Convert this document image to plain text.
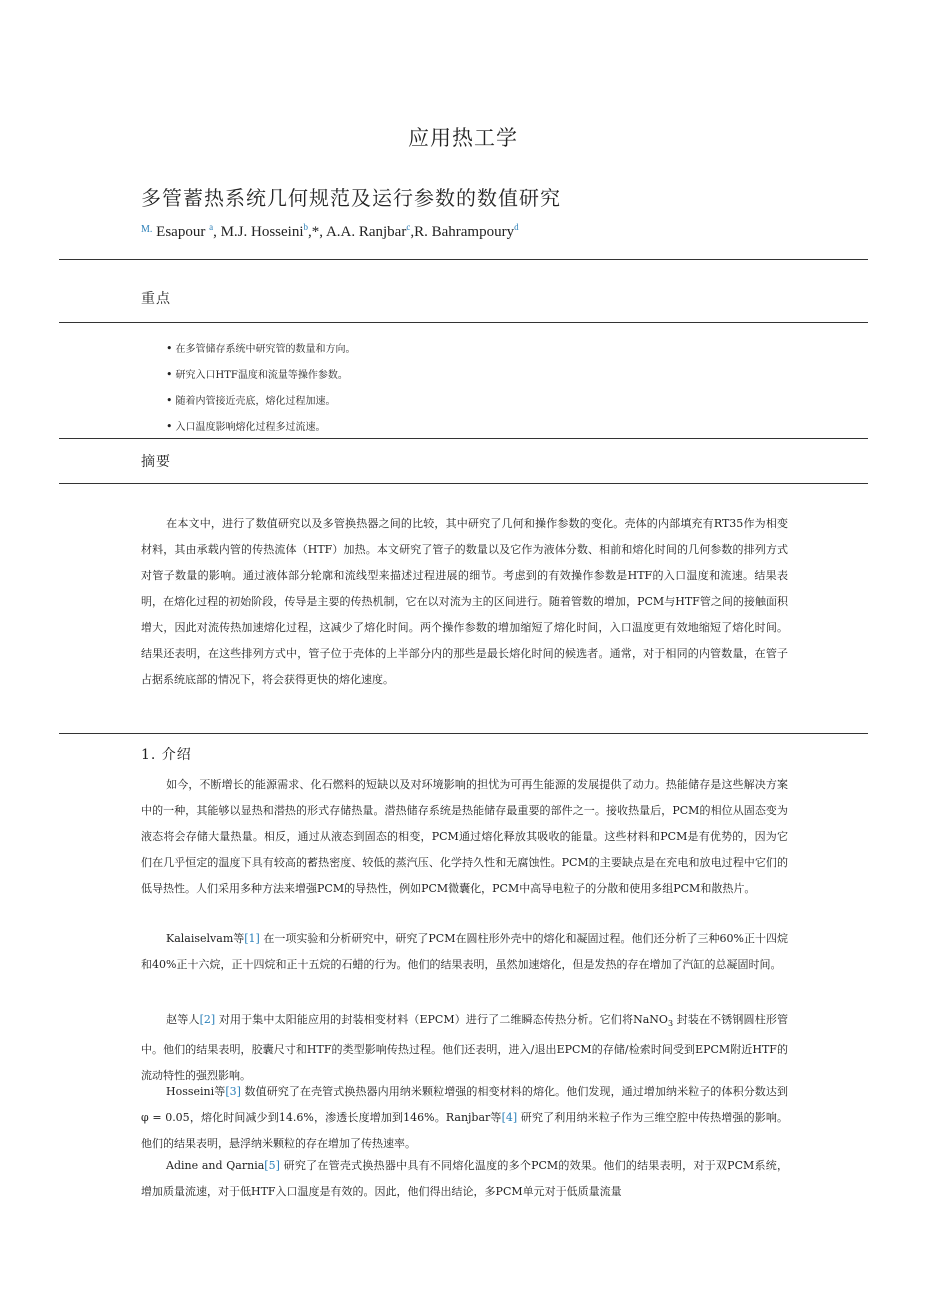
应用热工学
多管蓄热系统几何规范及运行参数的数值研究
$^{M.}$ Esapour $^a$, M.J. Hosseini$^b$,*, A.A. Ranjbar$^c$,R. Bahrampoury$^d$
重点
• 在多管储存系统中研究管的数量和方向。
• 研究入口HTF温度和流量等操作参数。
• 随着内管接近壳底，熔化过程加速。
• 入口温度影响熔化过程多过流速。
摘要

在本文中，进行了数值研究以及多管换热器之间的比较，其中研究了几何和操作参数的变化。壳体的内部填充有RT35作为相变材料，其由承载内管的传热流体（HTF）加热。本文研究了管子的数量以及它作为液体分数、相前和熔化时间的几何参数的排列方式对管子数量的影响。通过液体部分轮廓和流线型来描述过程进展的细节。考虑到的有效操作参数是HTF的入口温度和流速。结果表明，在熔化过程的初始阶段，传导是主要的传热机制，它在以对流为主的区间进行。随着管数的增加，PCM与HTF管之间的接触面积增大，因此对流传热加速熔化过程，这减少了熔化时间。两个操作参数的增加缩短了熔化时间，入口温度更有效地缩短了熔化时间。结果还表明，在这些排列方式中，管子位于壳体的上半部分内的那些是最长熔化时间的候选者。通常，对于相同的内管数量，在管子占据系统底部的情况下，将会获得更快的熔化速度。

1. 介绍

如今，不断增长的能源需求、化石燃料的短缺以及对环境影响的担忧为可再生能源的发展提供了动力。热能储存是这些解决方案中的一种，其能够以显热和潜热的形式存储热量。潜热储存系统是热能储存最重要的部件之一。接收热量后，PCM的相位从固态变为液态将会存储大量热量。相反，通过从液态到固态的相变，PCM通过熔化释放其吸收的能量。这些材料和PCM是有优势的，因为它们在几乎恒定的温度下具有较高的蓄热密度、较低的蒸汽压、化学持久性和无腐蚀性。PCM的主要缺点是在充电和放电过程中它们的低导热性。人们采用多种方法来增强PCM的导热性，例如PCM微囊化，PCM中高导电粒子的分散和使用多组PCM和散热片。

Kalaiselvam等[1] 在一项实验和分析研究中，研究了PCM在圆柱形外壳中的熔化和凝固过程。他们还分析了三种60%正十四烷和40%正十六烷，正十四烷和正十五烷的石蜡的行为。他们的结果表明，虽然加速熔化，但是发热的存在增加了汽缸的总凝固时间。

赵等人[2] 对用于集中太阳能应用的封装相变材料（EPCM）进行了二维瞬态传热分析。它们将NaNO$_3$ 封装在不锈钢圆柱形管中。他们的结果表明，胶囊尺寸和HTF的类型影响传热过程。他们还表明，进入/退出EPCM的存储/检索时间受到EPCM附近HTF的流动特性的强烈影响。

Hosseini等[3] 数值研究了在壳管式换热器内用纳米颗粒增强的相变材料的熔化。他们发现，通过增加纳米粒子的体积分数达到φ = 0.05，熔化时间减少到14.6%，渗透长度增加到146%。Ranjbar等[4] 研究了利用纳米粒子作为三维空腔中传热增强的影响。他们的结果表明，悬浮纳米颗粒的存在增加了传热速率。

Adine and Qarnia[5] 研究了在管壳式换热器中具有不同熔化温度的多个PCM的效果。他们的结果表明，对于双PCM系统，增加质量流速，对于低HTF入口温度是有效的。因此，他们得出结论，多PCM单元对于低质量流量
